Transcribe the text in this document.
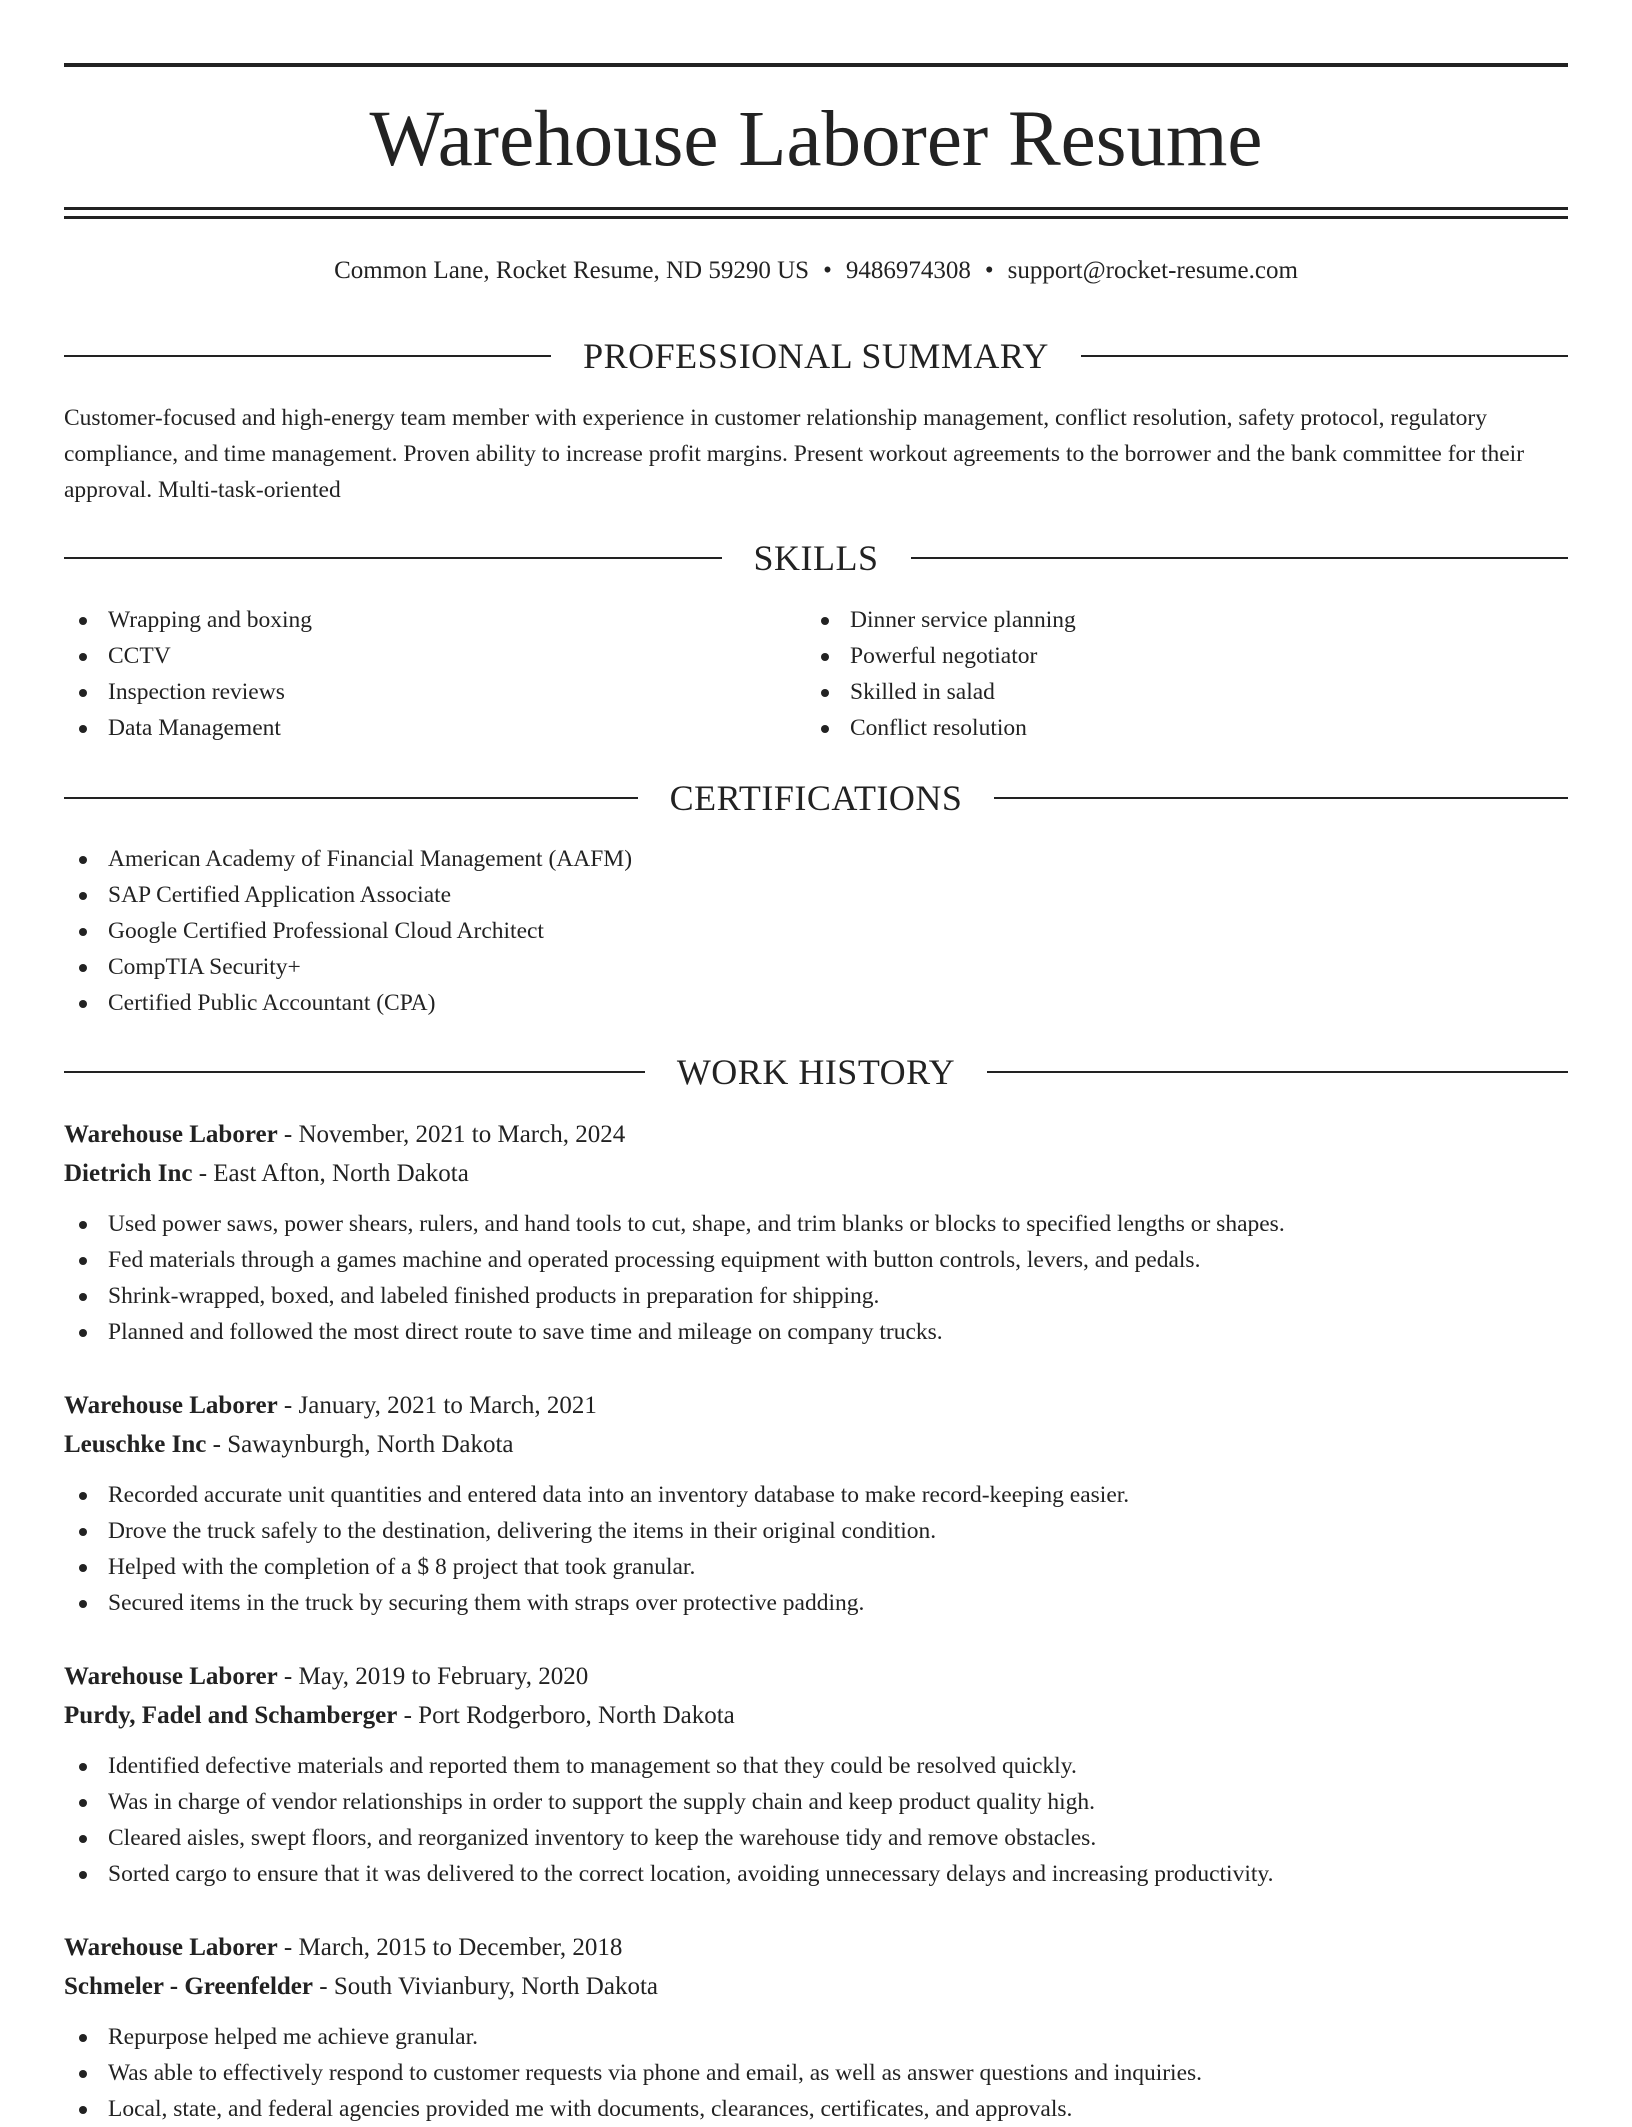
Warehouse Laborer Resume
Common Lane, Rocket Resume, ND 59290 US • 9486974308 • support@rocket-resume.com
PROFESSIONAL SUMMARY

Customer-focused and high-energy team member with experience in customer relationship management, conflict resolution, safety protocol, regulatory compliance, and time management. Proven ability to increase profit margins. Present workout agreements to the borrower and the bank committee for their approval. Multi-task-oriented

SKILLS
Wrapping and boxing
CCTV
Inspection reviews
Data Management
Dinner service planning
Powerful negotiator
Skilled in salad
Conflict resolution
CERTIFICATIONS
American Academy of Financial Management (AAFM)
SAP Certified Application Associate
Google Certified Professional Cloud Architect
CompTIA Security+
Certified Public Accountant (CPA)
WORK HISTORY
Warehouse Laborer - November, 2021 to March, 2024
Dietrich Inc - East Afton, North Dakota
Used power saws, power shears, rulers, and hand tools to cut, shape, and trim blanks or blocks to specified lengths or shapes.
Fed materials through a games machine and operated processing equipment with button controls, levers, and pedals.
Shrink-wrapped, boxed, and labeled finished products in preparation for shipping.
Planned and followed the most direct route to save time and mileage on company trucks.
Warehouse Laborer - January, 2021 to March, 2021
Leuschke Inc - Sawaynburgh, North Dakota
Recorded accurate unit quantities and entered data into an inventory database to make record-keeping easier.
Drove the truck safely to the destination, delivering the items in their original condition.
Helped with the completion of a $ 8 project that took granular.
Secured items in the truck by securing them with straps over protective padding.
Warehouse Laborer - May, 2019 to February, 2020
Purdy, Fadel and Schamberger - Port Rodgerboro, North Dakota
Identified defective materials and reported them to management so that they could be resolved quickly.
Was in charge of vendor relationships in order to support the supply chain and keep product quality high.
Cleared aisles, swept floors, and reorganized inventory to keep the warehouse tidy and remove obstacles.
Sorted cargo to ensure that it was delivered to the correct location, avoiding unnecessary delays and increasing productivity.
Warehouse Laborer - March, 2015 to December, 2018
Schmeler - Greenfelder - South Vivianbury, North Dakota
Repurpose helped me achieve granular.
Was able to effectively respond to customer requests via phone and email, as well as answer questions and inquiries.
Local, state, and federal agencies provided me with documents, clearances, certificates, and approvals.
